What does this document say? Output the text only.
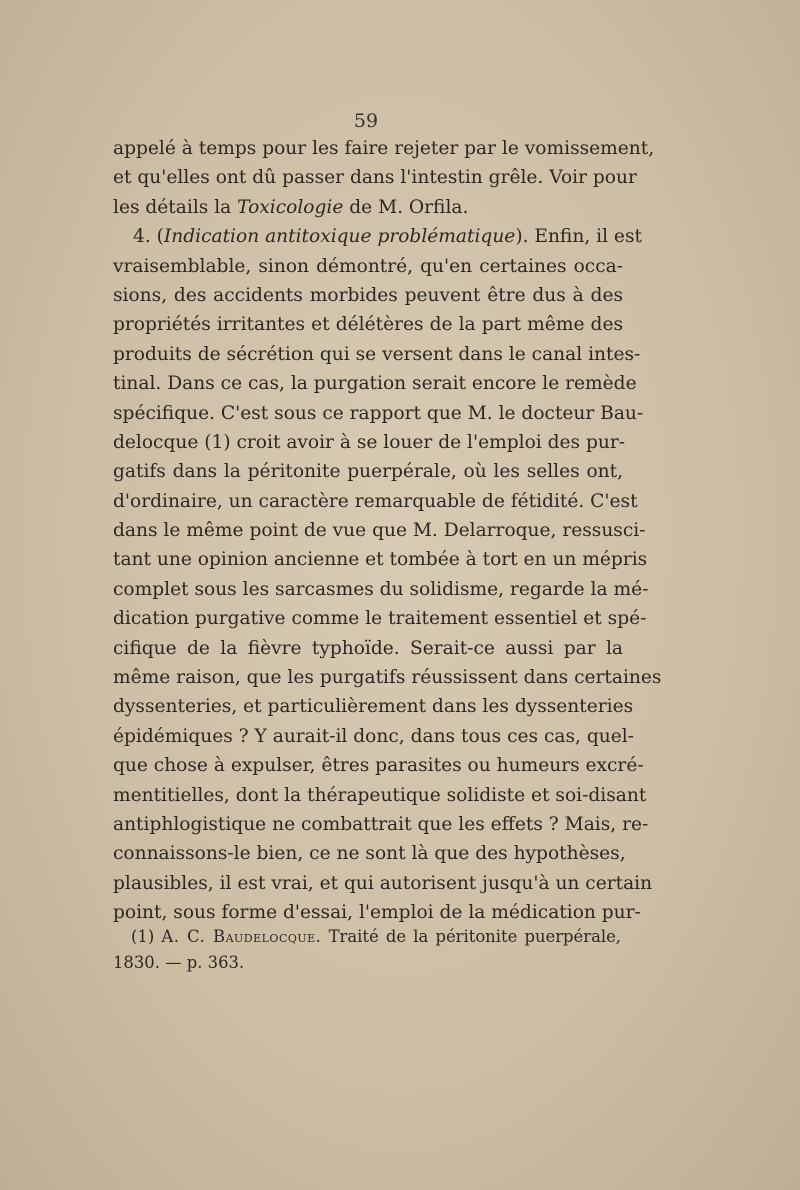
59
appelé à temps pour les faire rejeter par le vomissement,
et qu'elles ont dû passer dans l'intestin grêle. Voir pour
les détails la Toxicologie de M. Orfila.
4. (Indication antitoxique problématique). Enfin, il est
vraisemblable, sinon démontré, qu'en certaines occa-
sions, des accidents morbides peuvent être dus à des
propriétés irritantes et délétères de la part même des
produits de sécrétion qui se versent dans le canal intes-
tinal. Dans ce cas, la purgation serait encore le remède
spécifique. C'est sous ce rapport que M. le docteur Bau-
delocque (1) croit avoir à se louer de l'emploi des pur-
gatifs dans la péritonite puerpérale, où les selles ont,
d'ordinaire, un caractère remarquable de fétidité. C'est
dans le même point de vue que M. Delarroque, ressusci-
tant une opinion ancienne et tombée à tort en un mépris
complet sous les sarcasmes du solidisme, regarde la mé-
dication purgative comme le traitement essentiel et spé-
cifique de la fièvre typhoïde. Serait-ce aussi par la
même raison, que les purgatifs réussissent dans certaines
dyssenteries, et particulièrement dans les dyssenteries
épidémiques ? Y aurait-il donc, dans tous ces cas, quel-
que chose à expulser, êtres parasites ou humeurs excré-
mentitielles, dont la thérapeutique solidiste et soi-disant
antiphlogistique ne combattrait que les effets ? Mais, re-
connaissons-le bien, ce ne sont là que des hypothèses,
plausibles, il est vrai, et qui autorisent jusqu'à un certain
point, sous forme d'essai, l'emploi de la médication pur-
(1) A. C. Baudelocque. Traité de la péritonite puerpérale,
1830. — p. 363.
